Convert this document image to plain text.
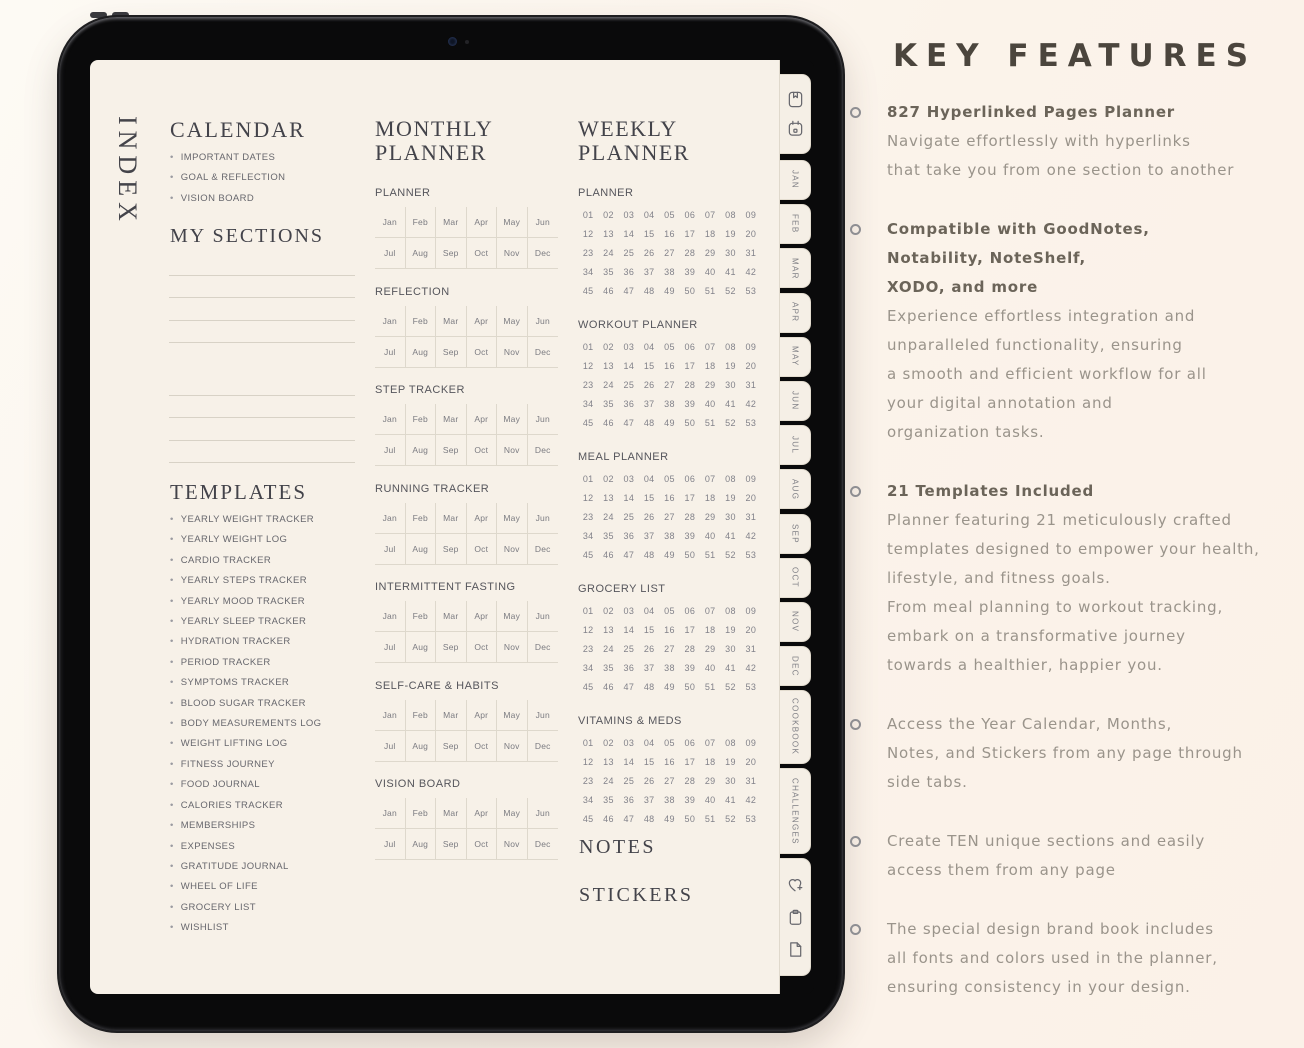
INDEX CALENDAR
• IMPORTANT DATES
• GOAL & REFLECTION
• VISION BOARD
MY SECTIONS
TEMPLATES
• YEARLY WEIGHT TRACKER
• YEARLY WEIGHT LOG
• CARDIO TRACKER
• YEARLY STEPS TRACKER
• YEARLY MOOD TRACKER
• YEARLY SLEEP TRACKER
• HYDRATION TRACKER
• PERIOD TRACKER
• SYMPTOMS TRACKER
• BLOOD SUGAR TRACKER
• BODY MEASUREMENTS LOG
• WEIGHT LIFTING LOG
• FITNESS JOURNEY
• FOOD JOURNAL
• CALORIES TRACKER
• MEMBERSHIPS
• EXPENSES
• GRATITUDE JOURNAL
• WHEEL OF LIFE
• GROCERY LIST
• WISHLIST
MONTHLY
PLANNER
PLANNER
Jan	Feb	Mar	Apr	May	Jun
Jul	Aug	Sep	Oct	Nov	Dec
REFLECTION
Jan	Feb	Mar	Apr	May	Jun
Jul	Aug	Sep	Oct	Nov	Dec
STEP TRACKER
Jan	Feb	Mar	Apr	May	Jun
Jul	Aug	Sep	Oct	Nov	Dec
RUNNING TRACKER
Jan	Feb	Mar	Apr	May	Jun
Jul	Aug	Sep	Oct	Nov	Dec
INTERMITTENT FASTING
Jan	Feb	Mar	Apr	May	Jun
Jul	Aug	Sep	Oct	Nov	Dec
SELF-CARE & HABITS
Jan	Feb	Mar	Apr	May	Jun
Jul	Aug	Sep	Oct	Nov	Dec
VISION BOARD
Jan	Feb	Mar	Apr	May	Jun
Jul	Aug	Sep	Oct	Nov	Dec
WEEKLY
PLANNER
PLANNER
01	02	03	04	05	06	07	08	09
12	13	14	15	16	17	18	19	20
23	24	25	26	27	28	29	30	31
34	35	36	37	38	39	40	41	42
45	46	47	48	49	50	51	52	53
WORKOUT PLANNER
01	02	03	04	05	06	07	08	09
12	13	14	15	16	17	18	19	20
23	24	25	26	27	28	29	30	31
34	35	36	37	38	39	40	41	42
45	46	47	48	49	50	51	52	53
MEAL PLANNER
01	02	03	04	05	06	07	08	09
12	13	14	15	16	17	18	19	20
23	24	25	26	27	28	29	30	31
34	35	36	37	38	39	40	41	42
45	46	47	48	49	50	51	52	53
GROCERY LIST
01	02	03	04	05	06	07	08	09
12	13	14	15	16	17	18	19	20
23	24	25	26	27	28	29	30	31
34	35	36	37	38	39	40	41	42
45	46	47	48	49	50	51	52	53
VITAMINS & MEDS
01	02	03	04	05	06	07	08	09
12	13	14	15	16	17	18	19	20
23	24	25	26	27	28	29	30	31
34	35	36	37	38	39	40	41	42
45	46	47	48	49	50	51	52	53
NOTES
STICKERS
JAN
FEB
MAR
APR
MAY
JUN
JUL
AUG
SEP
OCT
NOV
DEC
COOKBOOK
CHALLENGES
KEY FEATURES
827 Hyperlinked Pages Planner
Navigate effortlessly with hyperlinks
that take you from one section to another
Compatible with GoodNotes,
Notability, NoteShelf,
XODO, and more
Experience effortless integration and
unparalleled functionality, ensuring
a smooth and efficient workflow for all
your digital annotation and
organization tasks.
21 Templates Included
Planner featuring 21 meticulously crafted
templates designed to empower your health,
lifestyle, and fitness goals.
From meal planning to workout tracking,
embark on a transformative journey
towards a healthier, happier you.
Access the Year Calendar, Months,
Notes, and Stickers from any page through
side tabs.
Create TEN unique sections and easily
access them from any page
The special design brand book includes
all fonts and colors used in the planner,
ensuring consistency in your design.
